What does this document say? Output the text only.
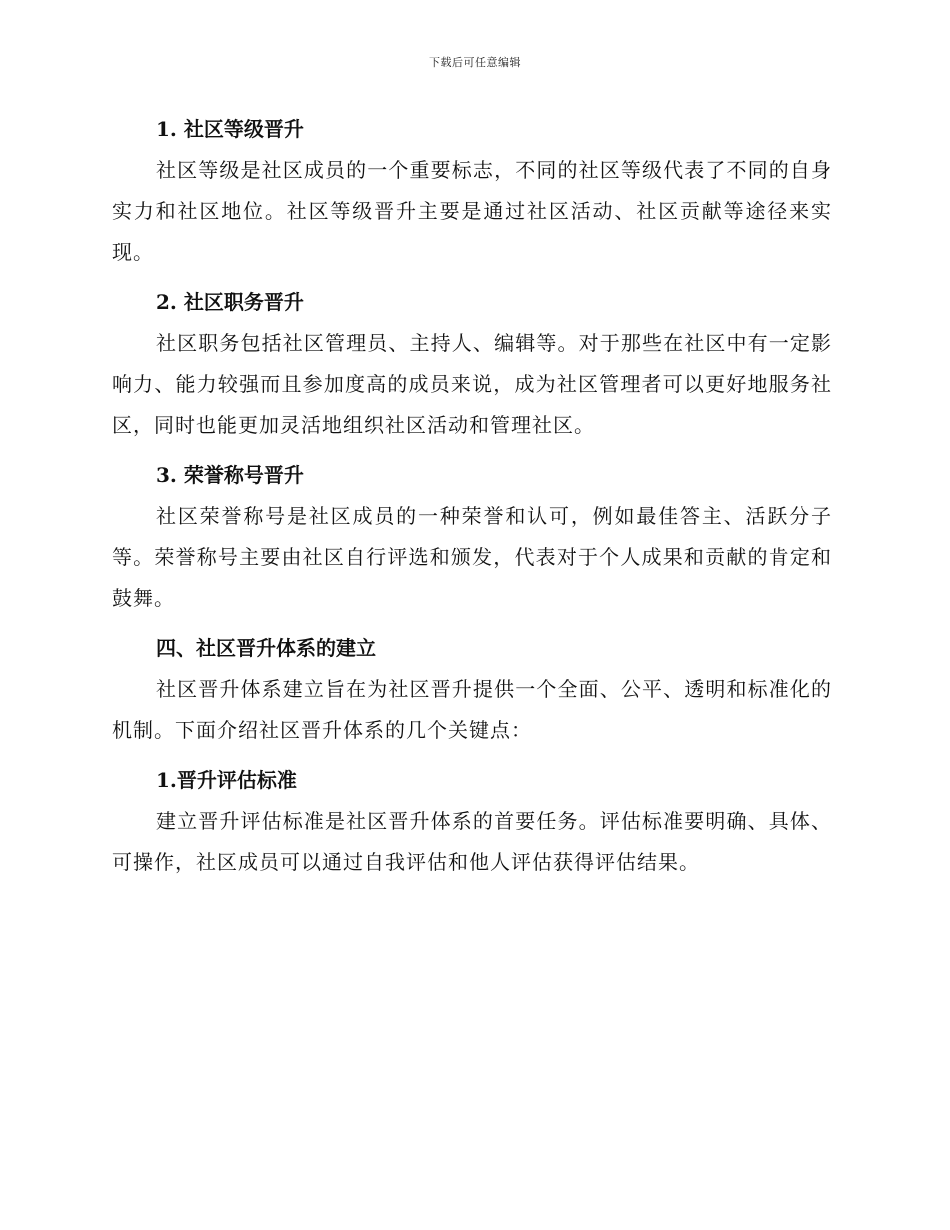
下载后可任意编辑
1. 社区等级晋升

社区等级是社区成员的一个重要标志，不同的社区等级代表了不同的自身实力和社区地位。社区等级晋升主要是通过社区活动、社区贡献等途径来实现。

2. 社区职务晋升

社区职务包括社区管理员、主持人、编辑等。对于那些在社区中有一定影响力、能力较强而且参加度高的成员来说，成为社区管理者可以更好地服务社区，同时也能更加灵活地组织社区活动和管理社区。

3. 荣誉称号晋升

社区荣誉称号是社区成员的一种荣誉和认可，例如最佳答主、活跃分子等。荣誉称号主要由社区自行评选和颁发，代表对于个人成果和贡献的肯定和鼓舞。

四、社区晋升体系的建立

社区晋升体系建立旨在为社区晋升提供一个全面、公平、透明和标准化的机制。下面介绍社区晋升体系的几个关键点：

1.晋升评估标准

建立晋升评估标准是社区晋升体系的首要任务。评估标准要明确、具体、可操作，社区成员可以通过自我评估和他人评估获得评估结果。
